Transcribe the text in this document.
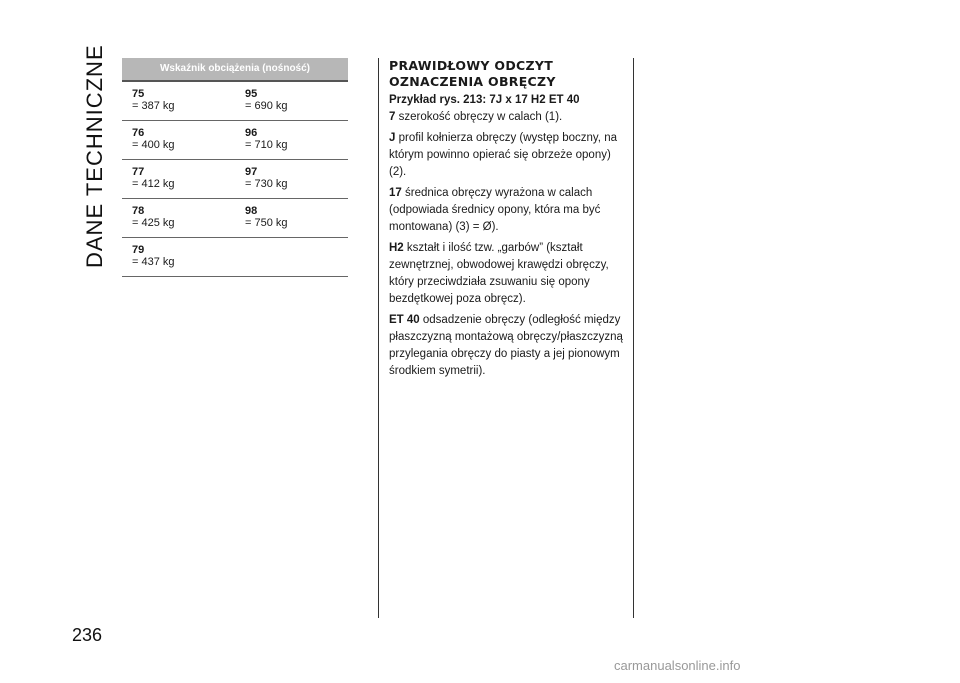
DANE TECHNICZNE	Wskaźnik obciążenia (nośność)
75
= 387 kg
95
= 690 kg
76
= 400 kg
96
= 710 kg
77
= 412 kg
97
= 730 kg
78
= 425 kg
98
= 750 kg
79
= 437 kg
PRAWIDŁOWY ODCZYT
OZNACZENIA OBRĘCZY
Przykład rys. 213: 7J x 17 H2 ET 40
7 szerokość obręczy w calach (1).
J profil kołnierza obręczy (występ boczny, na którym powinno opierać się obrzeże opony) (2).
17 średnica obręczy wyrażona w calach (odpowiada średnicy opony, która ma być montowana) (3) = Ø).
H2 kształt i ilość tzw. „garbów” (kształt zewnętrznej, obwodowej krawędzi obręczy, który przeciwdziała zsuwaniu się opony bezdętkowej poza obręcz).
ET 40 odsadzenie obręczy (odległość między płaszczyzną montażową obręczy/płaszczyzną przylegania obręczy do piasty a jej pionowym środkiem symetrii).
236
carmanualsonline.info
